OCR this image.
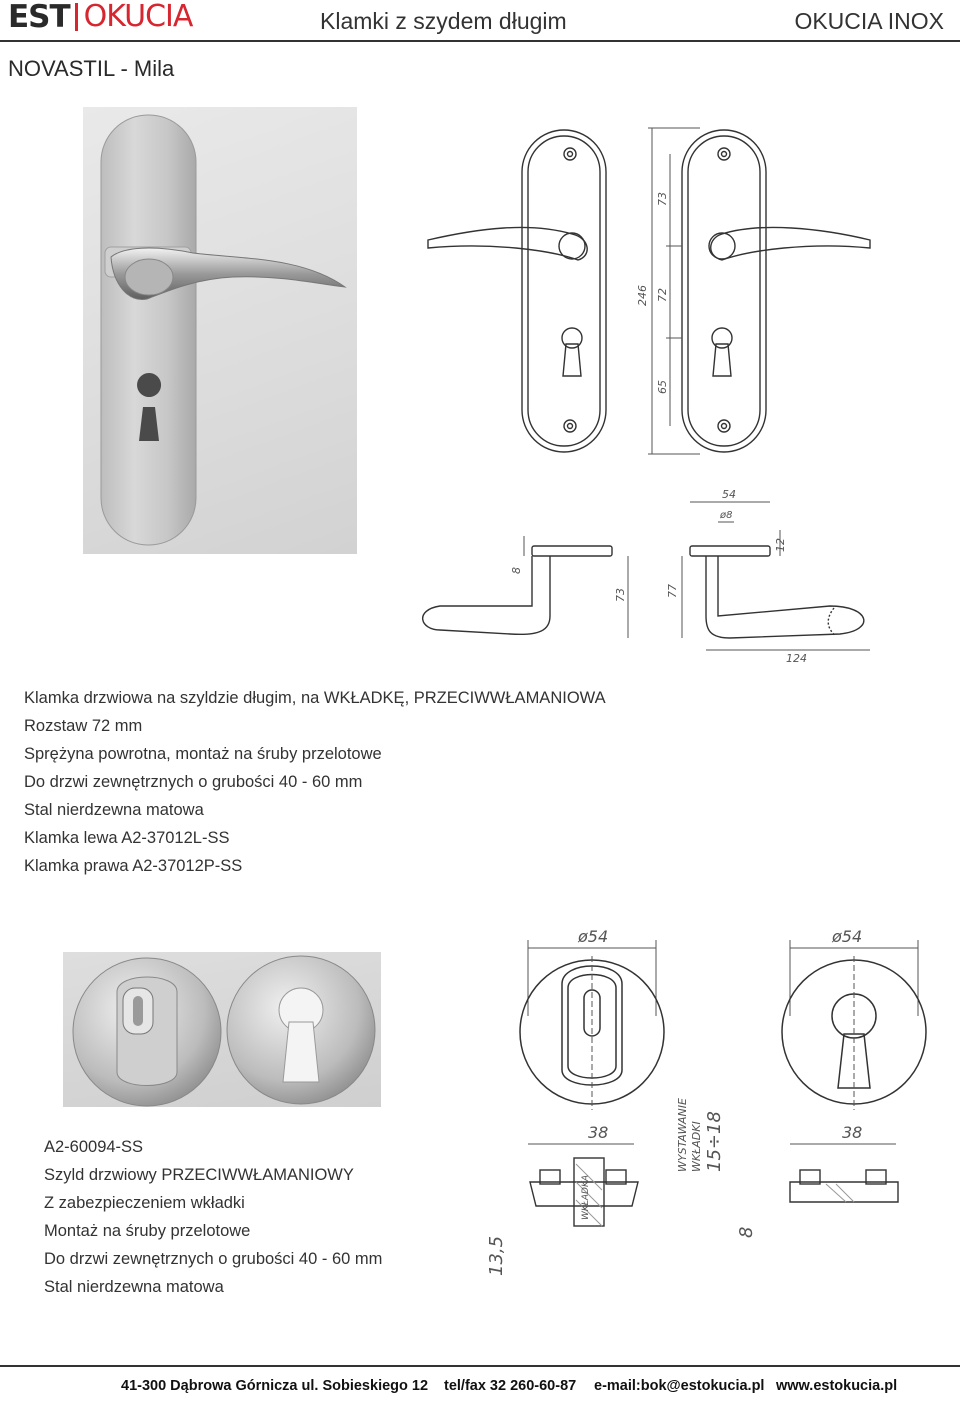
EST OKUCIA	Klamki z szydem długim	OKUCIA INOX
NOVASTIL - Mila
246
73
72
65
54
ø8
12
8
73	77
124
Klamka drzwiowa na szyldzie długim, na WKŁADKĘ, PRZECIWWŁAMANIOWA
Rozstaw 72 mm
Sprężyna powrotna, montaż na śruby przelotowe
Do drzwi zewnętrznych o grubości 40 - 60 mm
Stal nierdzewna matowa
Klamka lewa A2-37012L-SS
Klamka prawa A2-37012P-SS
ø54	ø54
38	38
WKŁADKA
WYSTAWANIE WKŁADKI 15÷18
8
13,5
A2-60094-SS
Szyld drzwiowy PRZECIWWŁAMANIOWY
Z zabezpieczeniem wkładki
Montaż na śruby przelotowe
Do drzwi zewnętrznych o grubości 40 - 60 mm
Stal nierdzewna matowa
41-300 Dąbrowa Górnicza ul. Sobieskiego 12 tel/fax 32 260-60-87 e-mail:bok@estokucia.pl www.estokucia.pl
